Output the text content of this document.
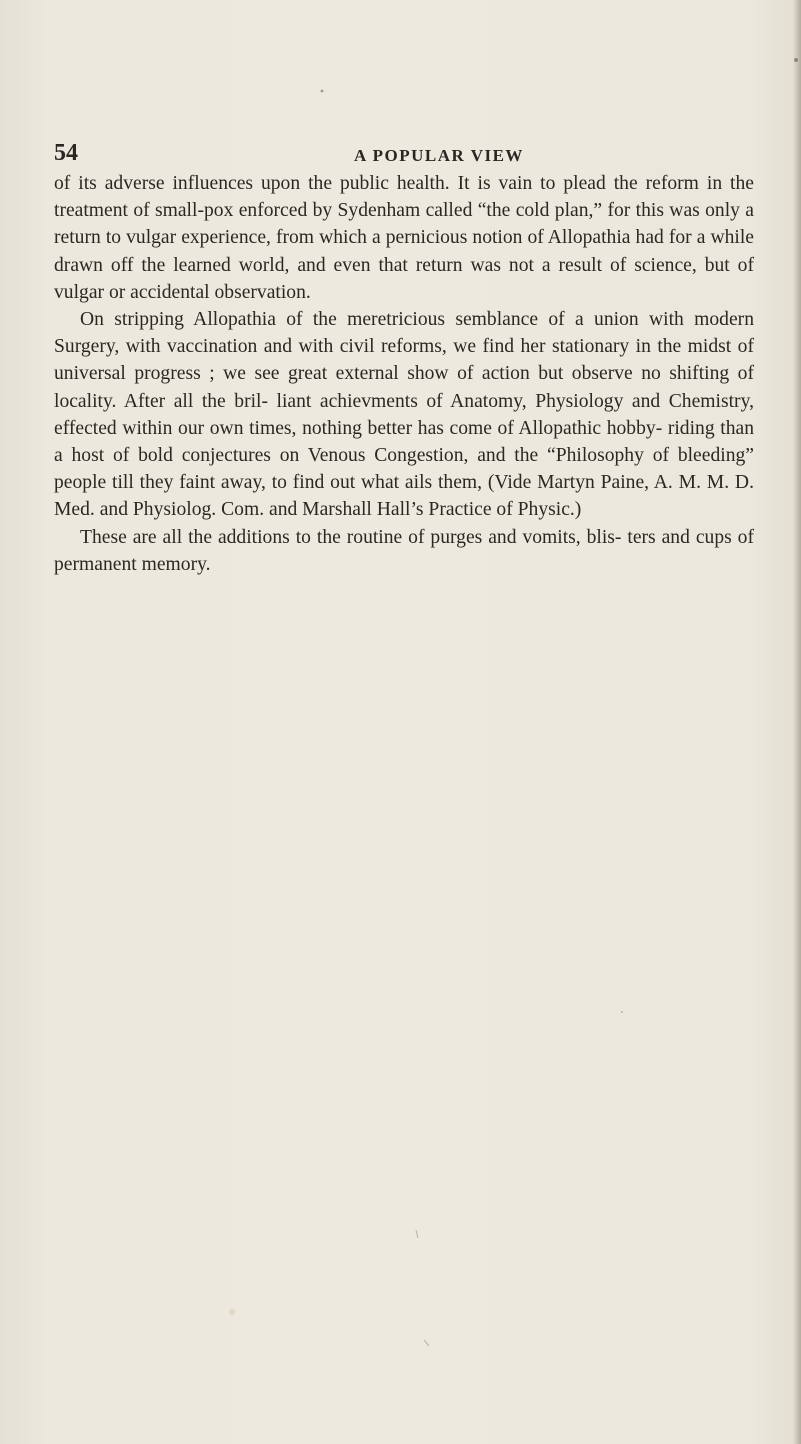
54	A POPULAR VIEW

of its adverse influences upon the public health. It is vain to plead the reform in the treatment of small-pox enforced by Sydenham called “the cold plan,” for this was only a return to vulgar experience, from which a pernicious notion of Allopathia had for a while drawn off the learned world, and even that return was not a result of science, but of vulgar or accidental observation.

On stripping Allopathia of the meretricious semblance of a union with modern Surgery, with vaccination and with civil reforms, we find her stationary in the midst of universal progress ; we see great external show of action but observe no shifting of locality. After all the bril- liant achievments of Anatomy, Physiology and Chemistry, effected within our own times, nothing better has come of Allopathic hobby- riding than a host of bold conjectures on Venous Congestion, and the “Philosophy of bleeding” people till they faint away, to find out what ails them, (Vide Martyn Paine, A. M. M. D. Med. and Physiolog. Com. and Marshall Hall’s Practice of Physic.)

These are all the additions to the routine of purges and vomits, blis- ters and cups of permanent memory.
